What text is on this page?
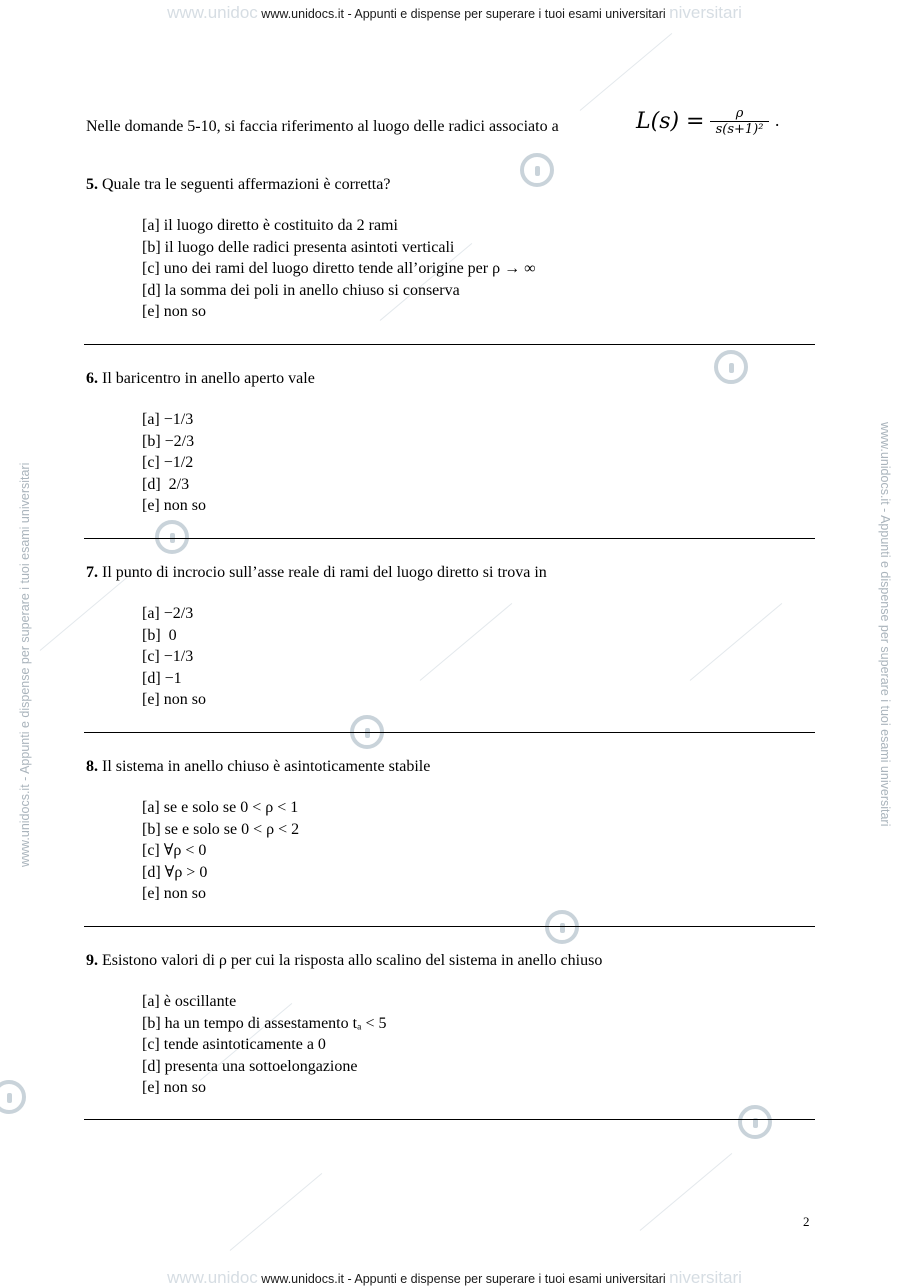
www.unidoc www.unidocs.it - Appunti e dispense per superare i tuoi esami universitari niversitari
www.unidocs.it - Appunti e dispense per superare i tuoi esami universitari	www.unidocs.it - Appunti e dispense per superare i tuoi esami universitari
Nelle domande 5-10, si faccia riferimento al luogo delle radici associato a	$L(s) = \frac{\rho}{\text{s(s+1)²}}$ .

5. Quale tra le seguenti affermazioni è corretta?

[a] il luogo diretto è costituito da 2 rami
[b] il luogo delle radici presenta asintoti verticali
[c] uno dei rami del luogo diretto tende all’origine per ρ → ∞
[d] la somma dei poli in anello chiuso si conserva
[e] non so

6. Il baricentro in anello aperto vale

[a] −1/3
[b] −2/3
[c] −1/2
[d] 2/3
[e] non so

7. Il punto di incrocio sull’asse reale di rami del luogo diretto si trova in

[a] −2/3
[b] 0
[c] −1/3
[d] −1
[e] non so

8. Il sistema in anello chiuso è asintoticamente stabile

[a] se e solo se 0 < ρ < 1
[b] se e solo se 0 < ρ < 2
[c] ∀ρ < 0
[d] ∀ρ > 0
[e] non so

9. Esistono valori di ρ per cui la risposta allo scalino del sistema in anello chiuso

[a] è oscillante
[b] ha un tempo di assestamento tₐ < 5
[c] tende asintoticamente a 0
[d] presenta una sottoelongazione
[e] non so
2
www.unidoc www.unidocs.it - Appunti e dispense per superare i tuoi esami universitari niversitari
